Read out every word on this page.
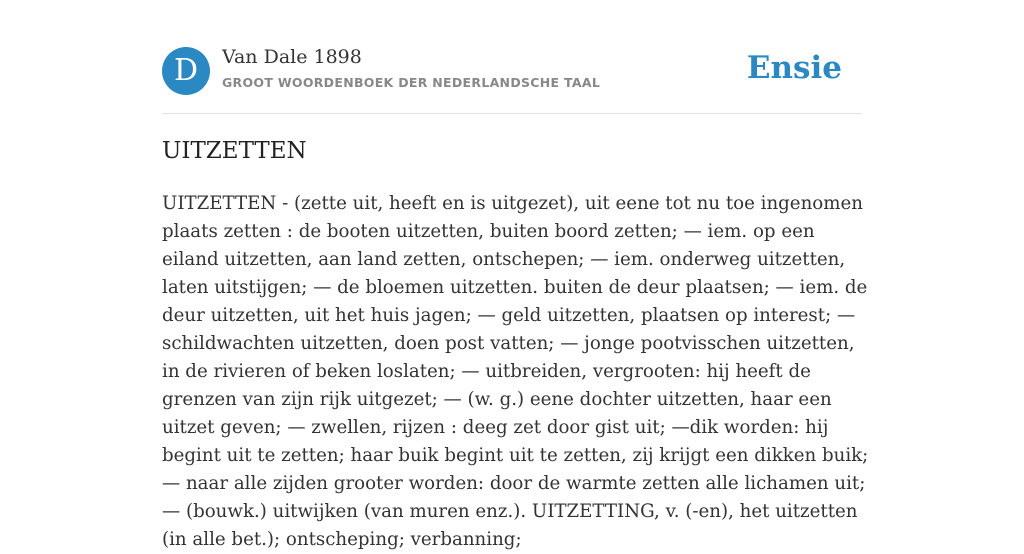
D	Van Dale 1898
GROOT WOORDENBOEK DER NEDERLANDSCHE TAAL	Ensie
UITZETTEN

UITZETTEN - (zette uit, heeft en is uitgezet), uit eene tot nu toe ingenomen plaats zetten : de booten uitzetten, buiten boord zetten; — iem. op een eiland uitzetten, aan land zetten, ontschepen; — iem. onderweg uitzetten, laten uitstijgen; — de bloemen uitzetten. buiten de deur plaatsen; — iem. de deur uitzetten, uit het huis jagen; — geld uitzetten, plaatsen op interest; — schildwachten uitzetten, doen post vatten; — jonge pootvisschen uitzetten, in de rivieren of beken loslaten; — uitbreiden, vergrooten: hij heeft de grenzen van zijn rijk uitgezet; — (w. g.) eene dochter uitzetten, haar een uitzet geven; — zwellen, rijzen : deeg zet door gist uit; —dik worden: hij begint uit te zetten; haar buik begint uit te zetten, zij krijgt een dikken buik; — naar alle zijden grooter worden: door de warmte zetten alle lichamen uit; — (bouwk.) uitwijken (van muren enz.). UITZETTING, v. (-en), het uitzetten (in alle bet.); ontscheping; verbanning;
